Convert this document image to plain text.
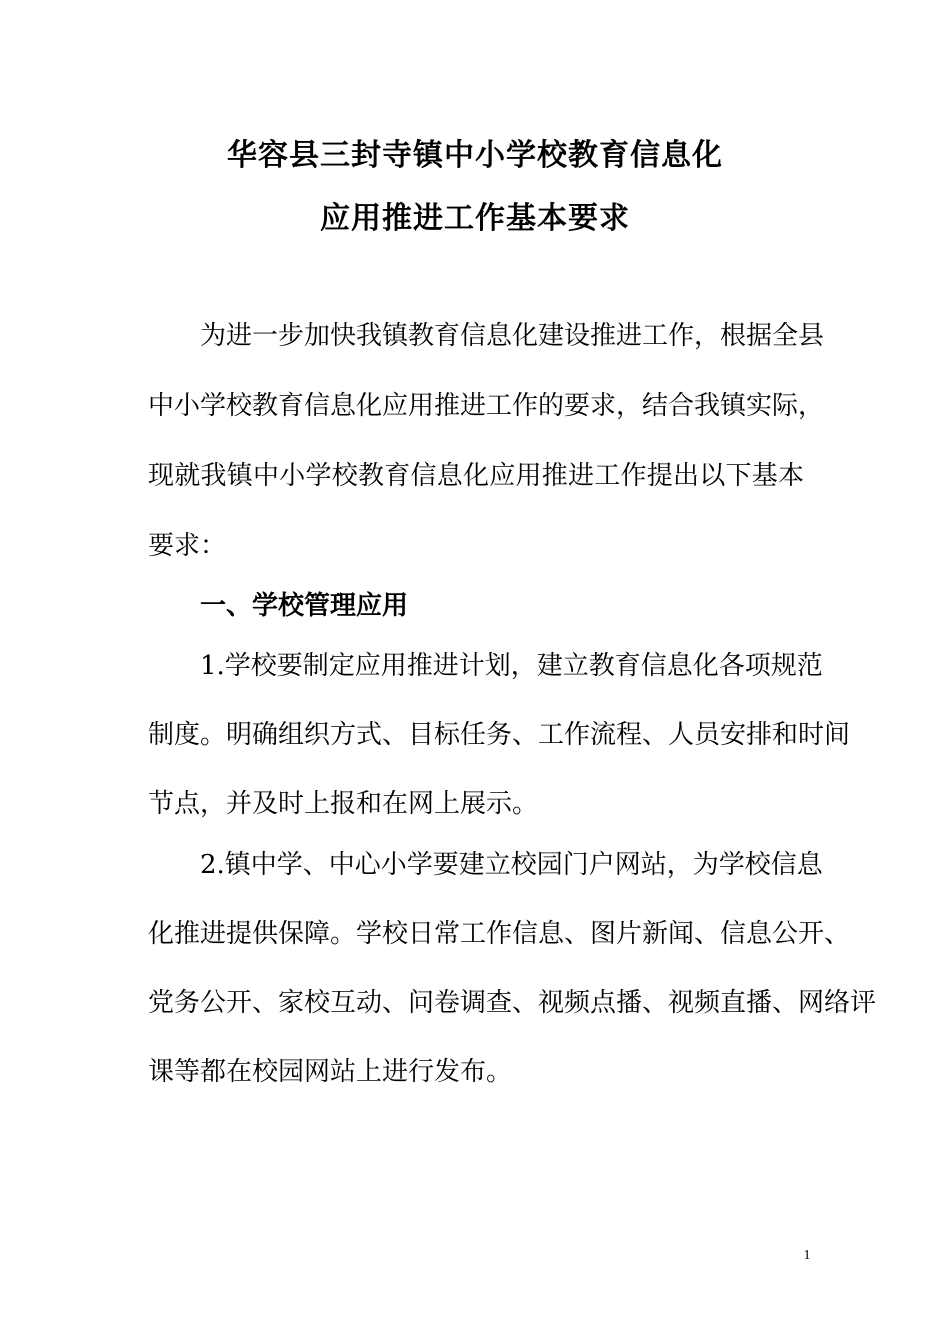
华容县三封寺镇中小学校教育信息化
应用推进工作基本要求
为进一步加快我镇教育信息化建设推进工作，根据全县
中小学校教育信息化应用推进工作的要求，结合我镇实际，
现就我镇中小学校教育信息化应用推进工作提出以下基本
要求：
一、学校管理应用
1.学校要制定应用推进计划，建立教育信息化各项规范
制度。明确组织方式、目标任务、工作流程、人员安排和时间
节点，并及时上报和在网上展示。
2.镇中学、中心小学要建立校园门户网站，为学校信息
化推进提供保障。学校日常工作信息、图片新闻、信息公开、
党务公开、家校互动、问卷调查、视频点播、视频直播、网络评
课等都在校园网站上进行发布。
1
